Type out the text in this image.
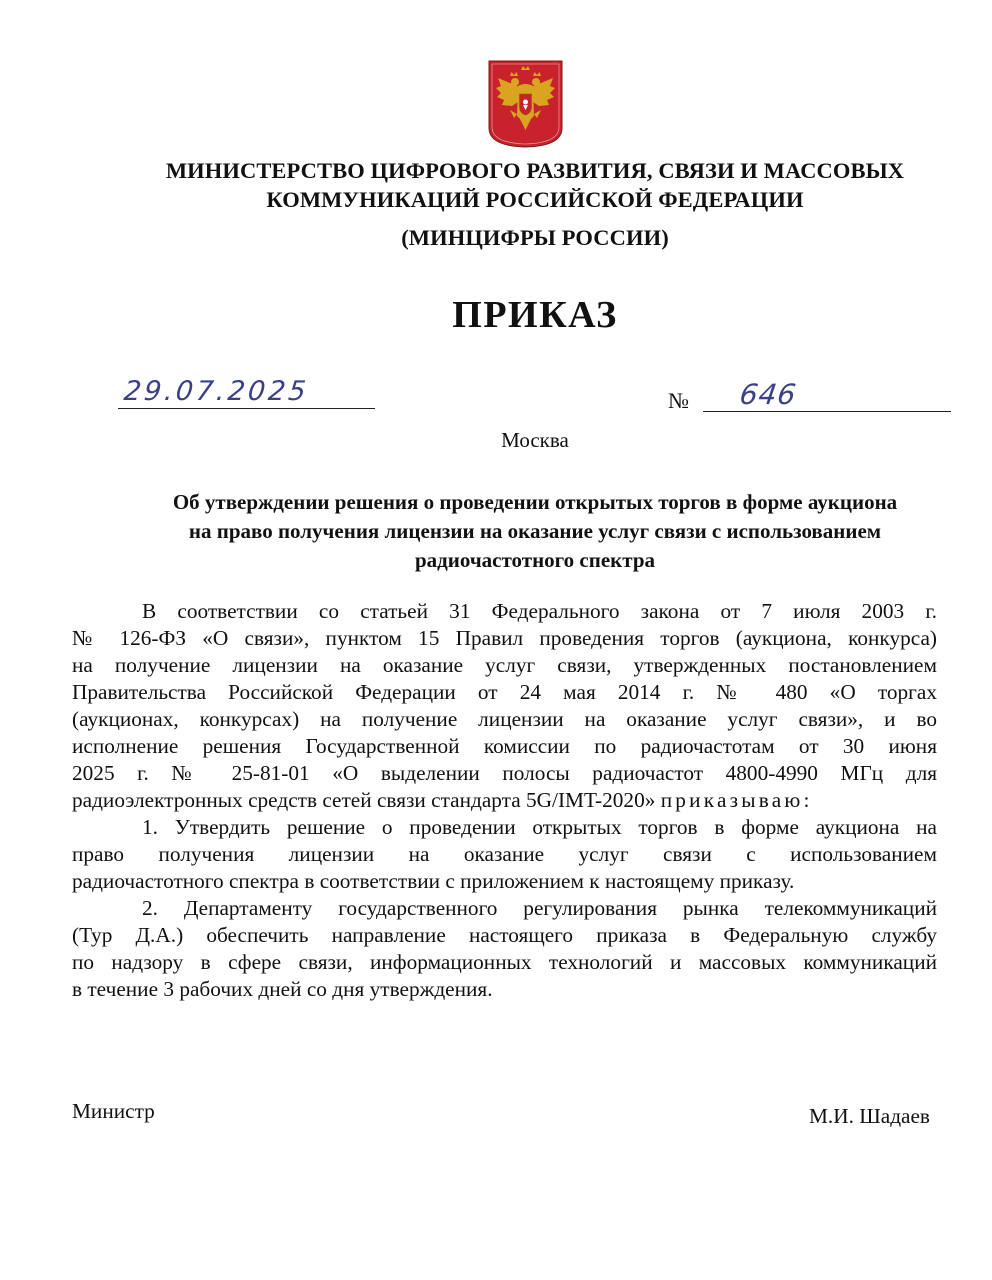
МИНИСТЕРСТВО ЦИФРОВОГО РАЗВИТИЯ, СВЯЗИ И МАССОВЫХ
КОММУНИКАЦИЙ РОССИЙСКОЙ ФЕДЕРАЦИИ
(МИНЦИФРЫ РОССИИ)
ПРИКАЗ
29.07.2025	№ 646
Москва
Об утверждении решения о проведении открытых торгов в форме аукциона
на право получения лицензии на оказание услуг связи с использованием
радиочастотного спектра
В соответствии со статьей 31 Федерального закона от 7 июля 2003 г.
№ 126-ФЗ «О связи», пунктом 15 Правил проведения торгов (аукциона, конкурса)
на получение лицензии на оказание услуг связи, утвержденных постановлением
Правительства Российской Федерации от 24 мая 2014 г. № 480 «О торгах
(аукционах, конкурсах) на получение лицензии на оказание услуг связи», и во
исполнение решения Государственной комиссии по радиочастотам от 30 июня
2025 г. № 25-81-01 «О выделении полосы радиочастот 4800-4990 МГц для
радиоэлектронных средств сетей связи стандарта 5G/IMT-2020» приказываю:
1. Утвердить решение о проведении открытых торгов в форме аукциона на
право получения лицензии на оказание услуг связи с использованием
радиочастотного спектра в соответствии с приложением к настоящему приказу.
2. Департаменту государственного регулирования рынка телекоммуникаций
(Тур Д.А.) обеспечить направление настоящего приказа в Федеральную службу
по надзору в сфере связи, информационных технологий и массовых коммуникаций
в течение 3 рабочих дней со дня утверждения.
Министр	М.И. Шадаев
